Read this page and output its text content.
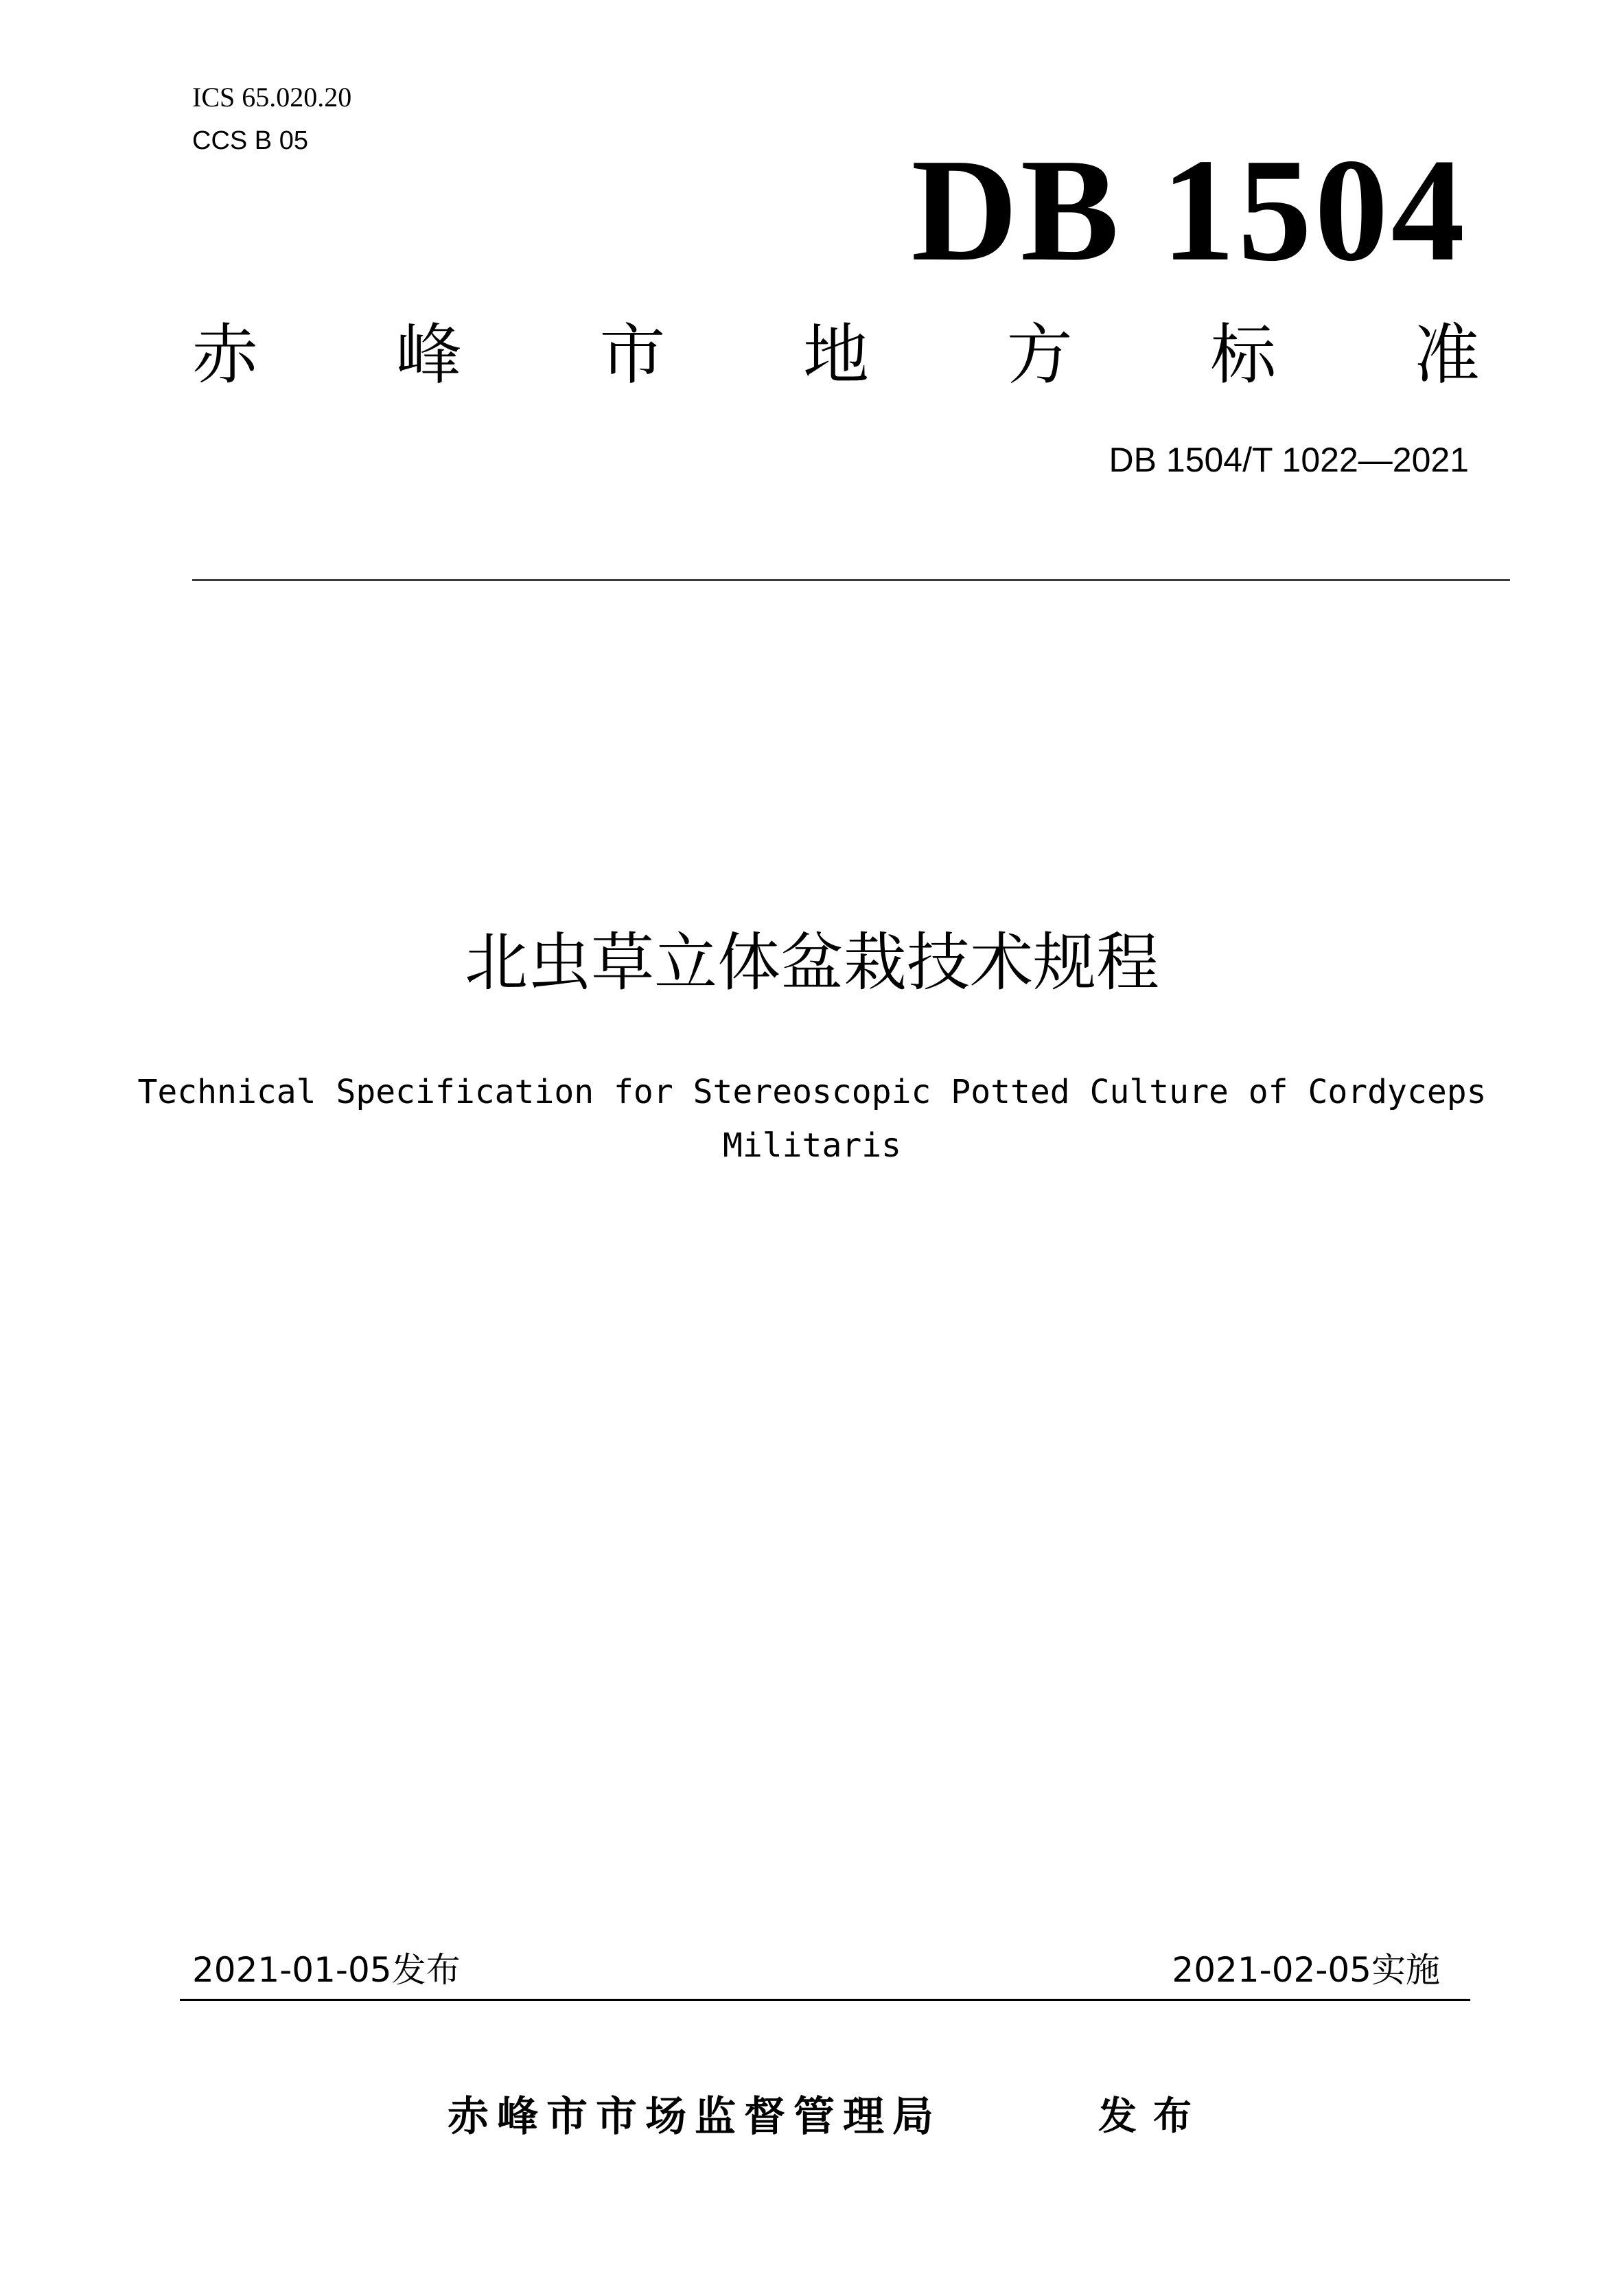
ICS 65.020.20
CCS B 05	DB 1504
赤 峰 市 地 方 标 准
DB 1504/T 1022—2021
北虫草立体盆栽技术规程
Technical Specification for Stereoscopic Potted Culture of Cordyceps Militaris
2021-01-05发布	2021-02-05实施
赤峰市市场监督管理局	发布
